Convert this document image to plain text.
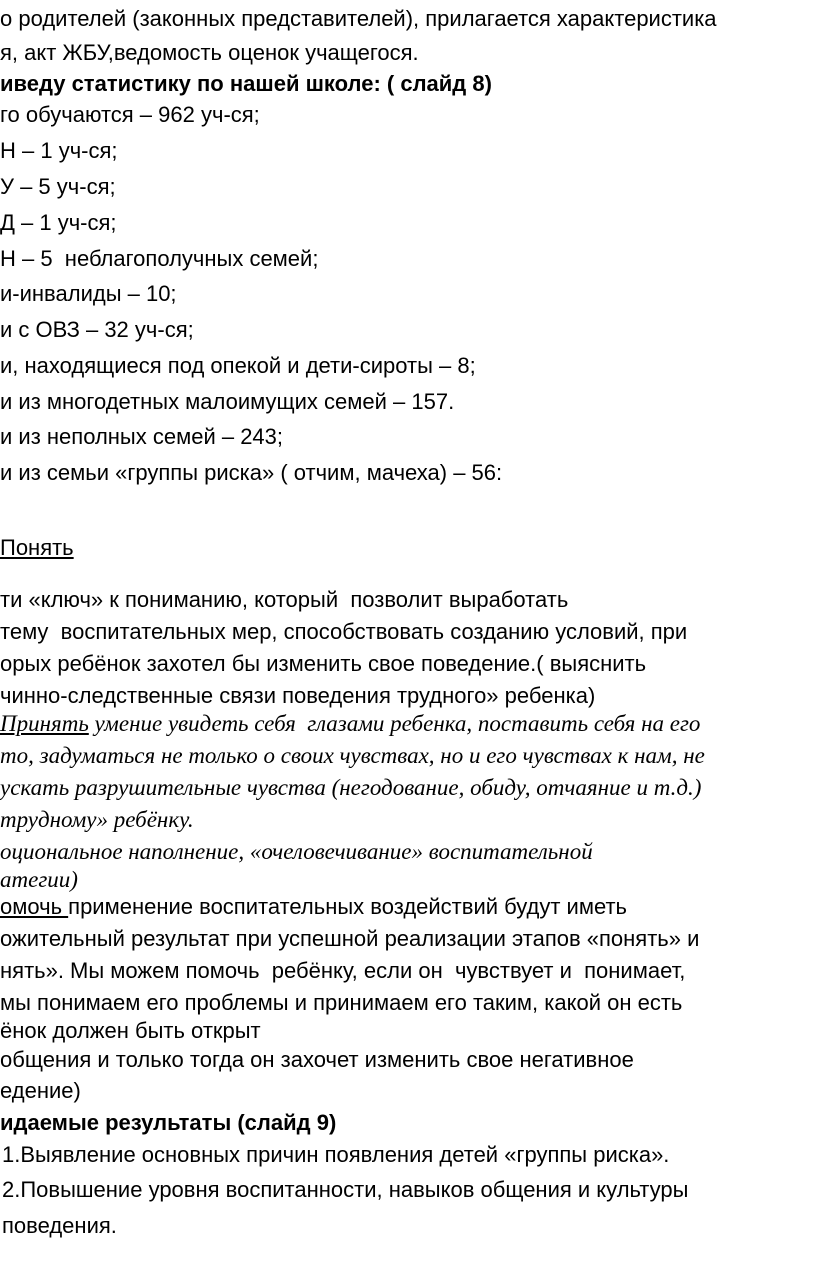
о родителей (законных представителей), прилагается характеристика

я, акт ЖБУ,ведомость оценок учащегося.

иведу статистику по нашей школе: ( слайд 8)

го обучаются – 962 уч-ся;

Н – 1 уч-ся;

У – 5 уч-ся;

Д – 1 уч-ся;

Н – 5  неблагополучных семей;

и-инвалиды – 10;

и с ОВЗ – 32 уч-ся;

и, находящиеся под опекой и дети-сироты – 8;

и из многодетных малоимущих семей – 157.

и из неполных семей – 243;

и из семьи «группы риска» ( отчим, мачеха) – 56:

Понять

ти «ключ» к пониманию, который  позволит выработать

тему  воспитательных мер, способствовать созданию условий, при

орых ребёнок захотел бы изменить свое поведение.( выяснить

чинно-следственные связи поведения трудного» ребенка)

Принять умение увидеть себя  глазами ребенка, поставить себя на его

то, задуматься не только о своих чувствах, но и его чувствах к нам, не

ускать разрушительные чувства (негодование, обиду, отчаяние и т.д.)

трудному» ребёнку.

оциональное наполнение, «очеловечивание» воспитательной

атегии)

омочь применение воспитательных воздействий будут иметь

ожительный результат при успешной реализации этапов «понять» и

нять». Мы можем помочь  ребёнку, если он  чувствует и  понимает,

мы понимаем его проблемы и принимаем его таким, какой он есть

ёнок должен быть открыт

общения и только тогда он захочет изменить свое негативное

едение)

идаемые результаты (слайд 9)

1.Выявление основных причин появления детей «группы риска».

2.Повышение уровня воспитанности, навыков общения и культуры

поведения.
